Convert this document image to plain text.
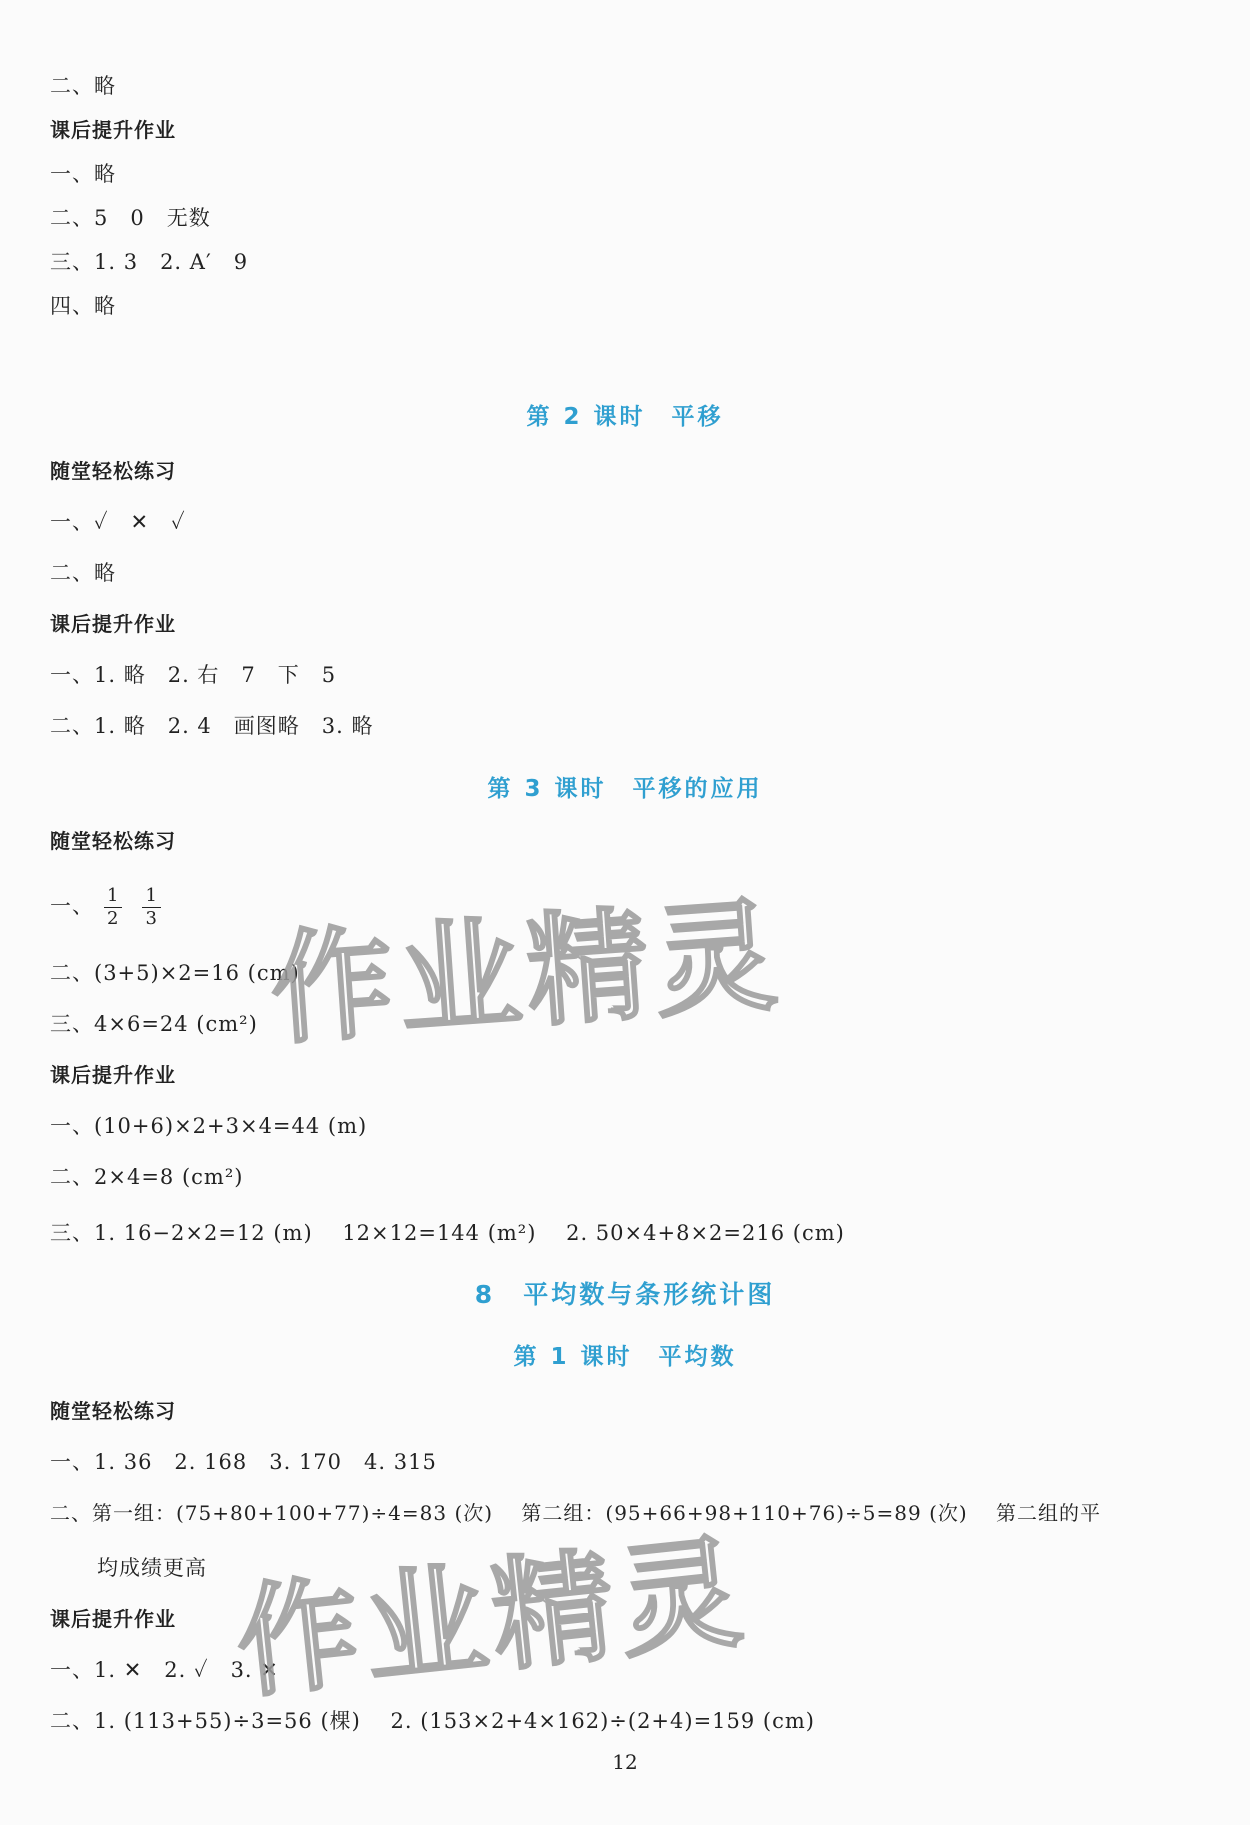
二、略
课后提升作业
一、略
二、5　0　无数
三、1. 3　2. A′　9
四、略
第 2 课时　平移
随堂轻松练习
一、✓　✕　✓
二、略
课后提升作业
一、1. 略　2. 右　7　下　5
二、1. 略　2. 4　画图略　3. 略
第 3 课时　平移的应用
随堂轻松练习
一、 $\frac{1}{2} \frac{1}{3}$
二、(3+5)×2=16 (cm)
三、4×6=24 (cm²)
课后提升作业
一、(10+6)×2+3×4=44 (m)
二、2×4=8 (cm²)
三、1. 16−2×2=12 (m)　 12×12=144 (m²)　 2. 50×4+8×2=216 (cm)
8　平均数与条形统计图
第 1 课时　平均数
随堂轻松练习
一、1. 36　2. 168　3. 170　4. 315
二、第一组：(75+80+100+77)÷4=83 (次)　 第二组：(95+66+98+110+76)÷5=89 (次)　 第二组的平
均成绩更高
课后提升作业
一、1. ✕　2. ✓　3. ✕
二、1. (113+55)÷3=56 (棵)　 2. (153×2+4×162)÷(2+4)=159 (cm)
作业精灵
作业精灵
12
